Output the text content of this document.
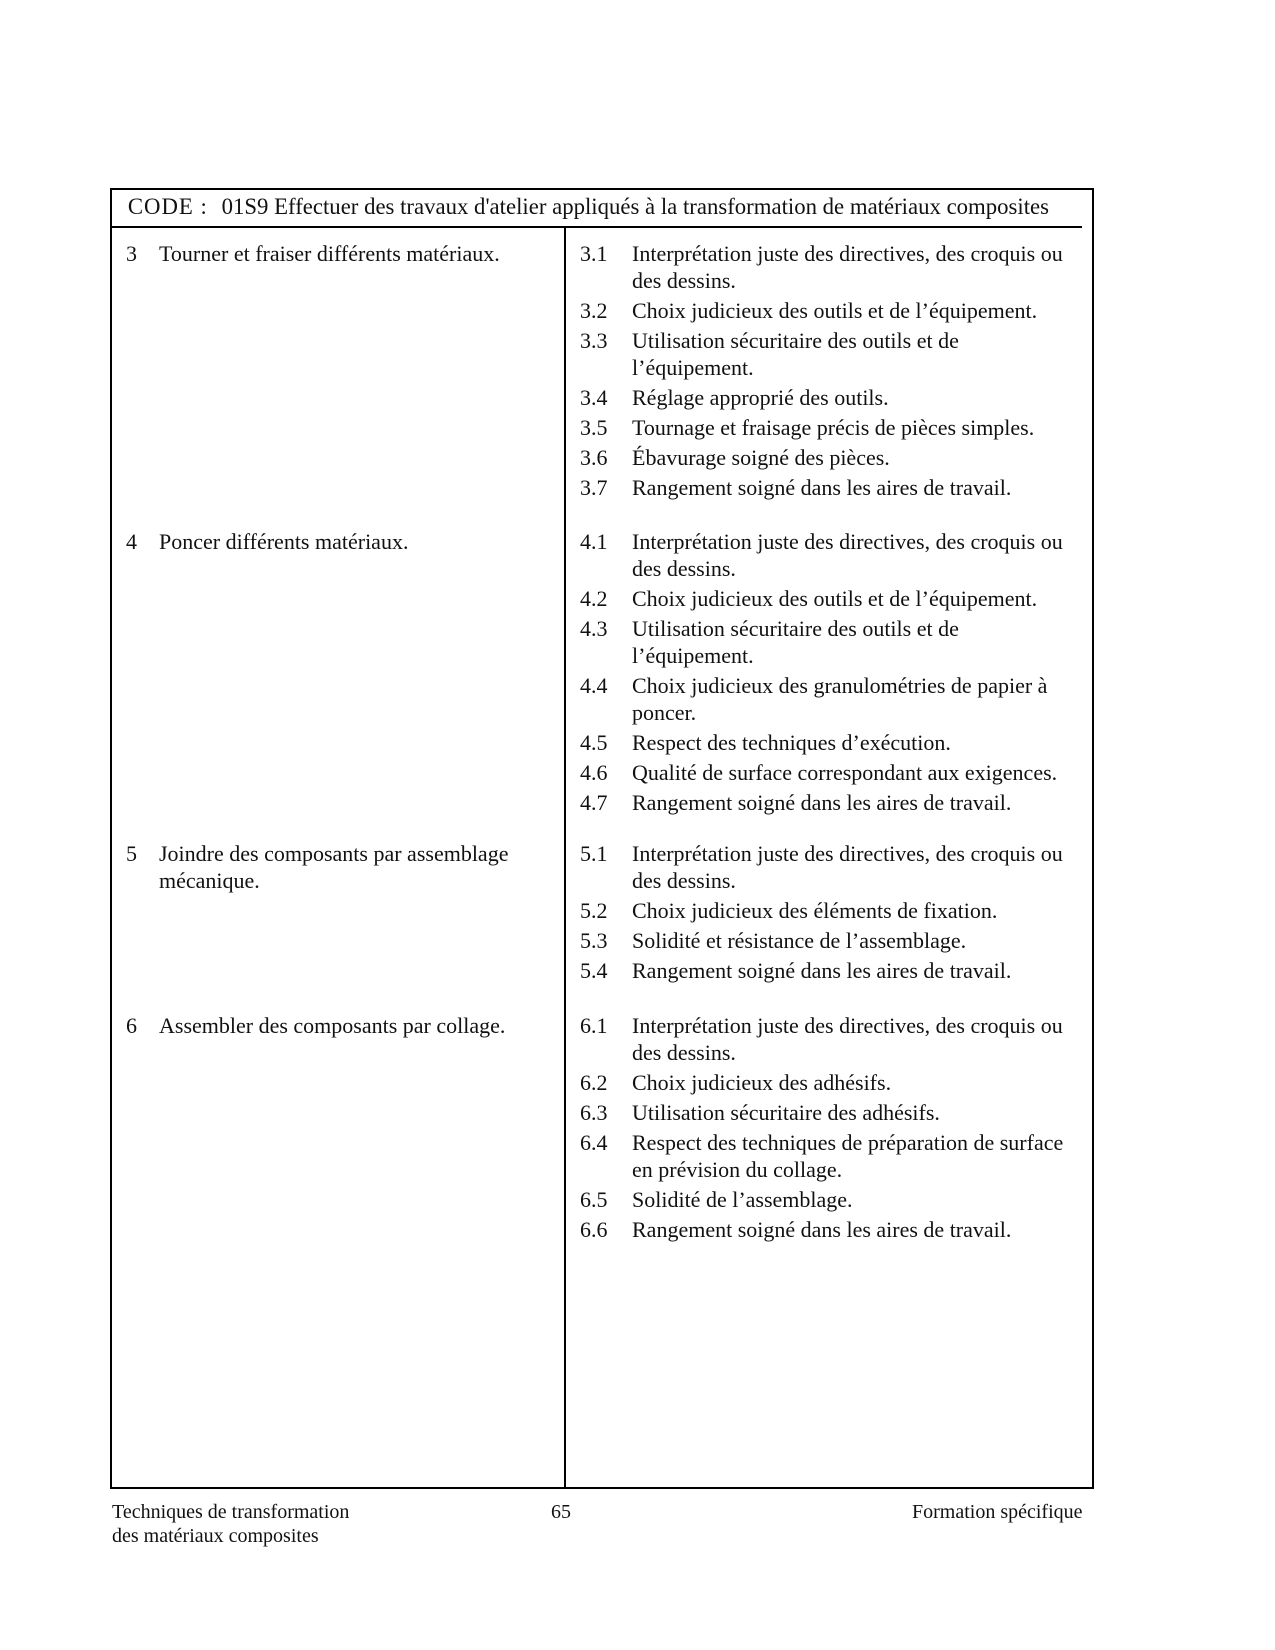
CODE : 01S9 Effectuer des travaux d'atelier appliqués à la transformation de matériaux composites
3 Tourner et fraiser différents matériaux.
4 Poncer différents matériaux.
5 Joindre des composants par assemblage mécanique.
6 Assembler des composants par collage.
3.1 Interprétation juste des directives, des croquis ou des dessins.
3.2 Choix judicieux des outils et de l’équipement.
3.3 Utilisation sécuritaire des outils et de l’équipement.
3.4 Réglage approprié des outils.
3.5 Tournage et fraisage précis de pièces simples.
3.6 Ébavurage soigné des pièces.
3.7 Rangement soigné dans les aires de travail.
4.1 Interprétation juste des directives, des croquis ou des dessins.
4.2 Choix judicieux des outils et de l’équipement.
4.3 Utilisation sécuritaire des outils et de l’équipement.
4.4 Choix judicieux des granulométries de papier à poncer.
4.5 Respect des techniques d’exécution.
4.6 Qualité de surface correspondant aux exigences.
4.7 Rangement soigné dans les aires de travail.
5.1 Interprétation juste des directives, des croquis ou des dessins.
5.2 Choix judicieux des éléments de fixation.
5.3 Solidité et résistance de l’assemblage.
5.4 Rangement soigné dans les aires de travail.
6.1 Interprétation juste des directives, des croquis ou des dessins.
6.2 Choix judicieux des adhésifs.
6.3 Utilisation sécuritaire des adhésifs.
6.4 Respect des techniques de préparation de surface en prévision du collage.
6.5 Solidité de l’assemblage.
6.6 Rangement soigné dans les aires de travail.
Techniques de transformation
des matériaux composites
65	Formation spécifique
